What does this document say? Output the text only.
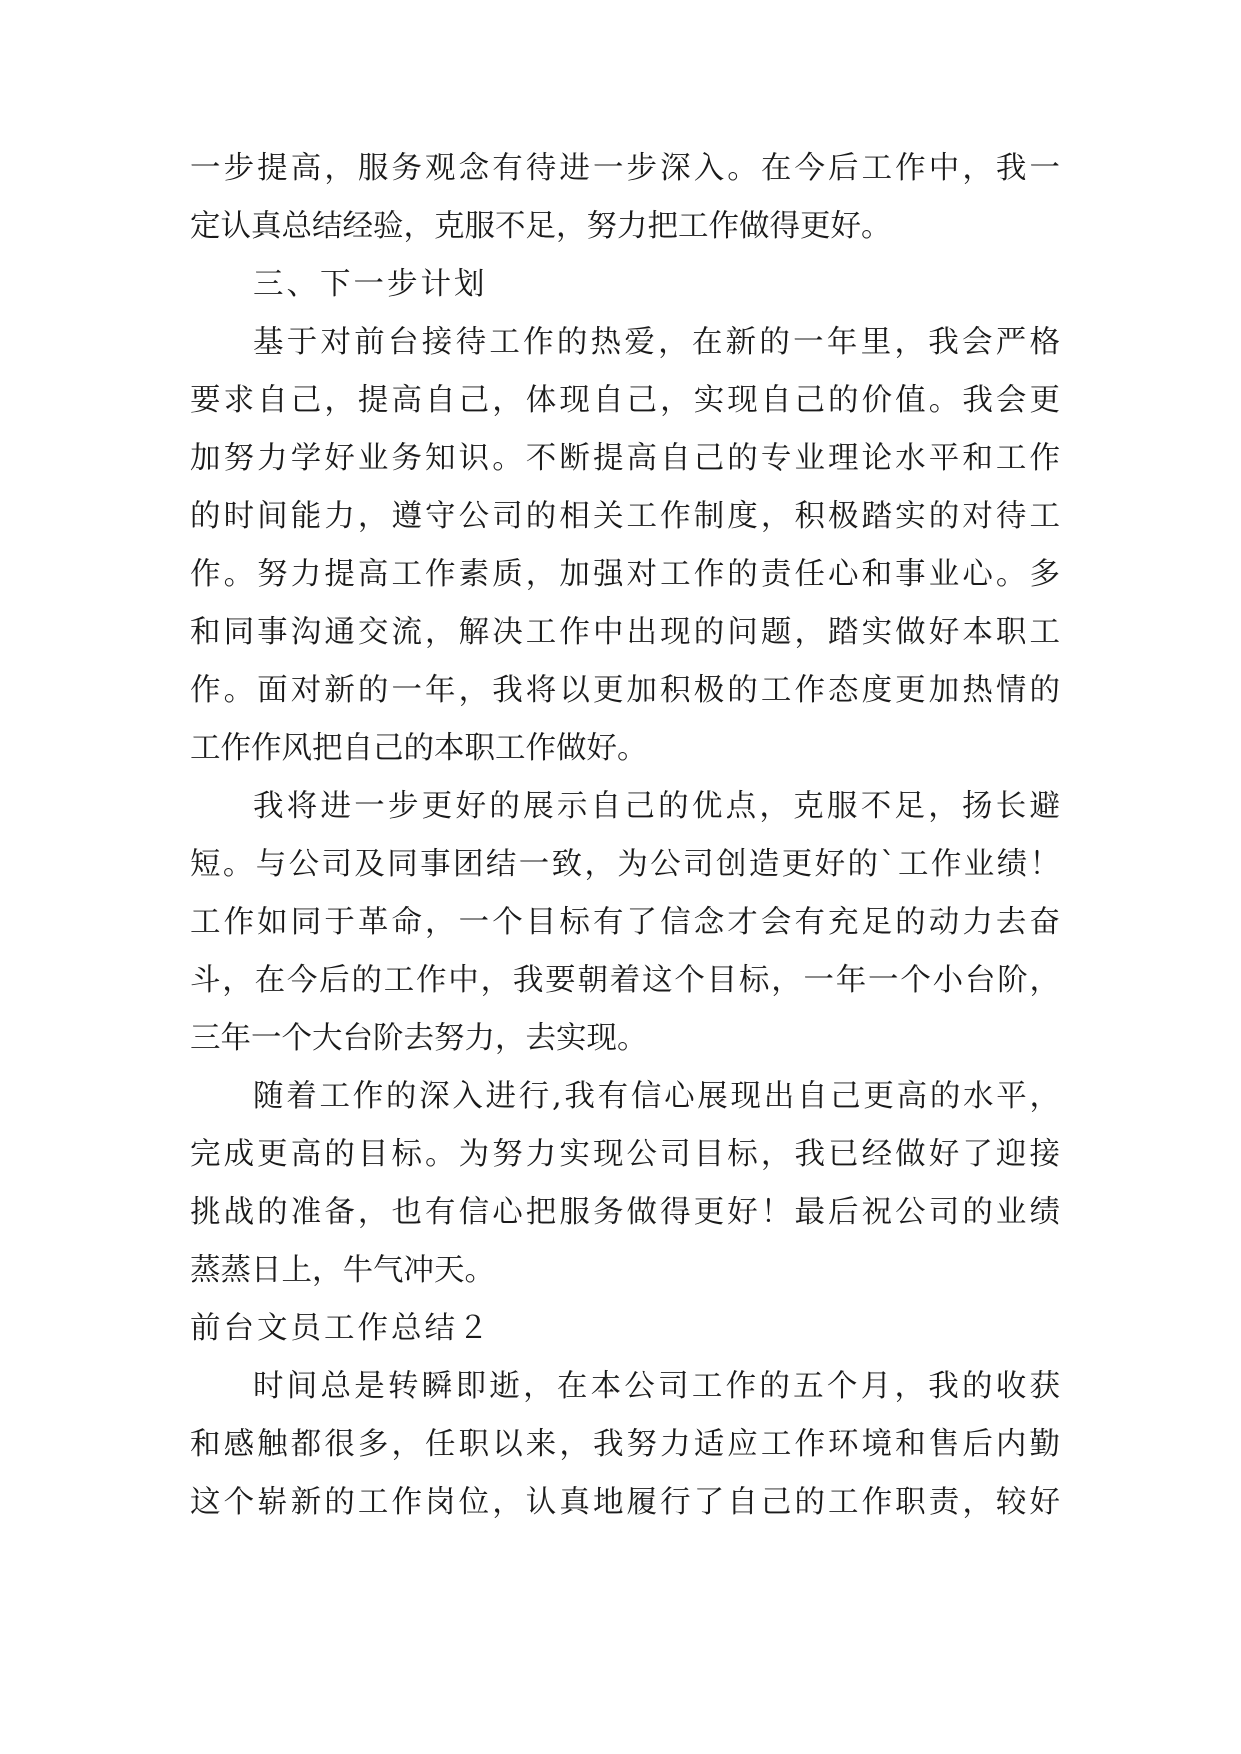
一步提高，服务观念有待进一步深入。在今后工作中，我一
定认真总结经验，克服不足，努力把工作做得更好。
三、下一步计划
基于对前台接待工作的热爱，在新的一年里，我会严格
要求自己，提高自己，体现自己，实现自己的价值。我会更
加努力学好业务知识。不断提高自己的专业理论水平和工作
的时间能力，遵守公司的相关工作制度，积极踏实的对待工
作。努力提高工作素质，加强对工作的责任心和事业心。多
和同事沟通交流，解决工作中出现的问题，踏实做好本职工
作。面对新的一年，我将以更加积极的工作态度更加热情的
工作作风把自己的本职工作做好。
我将进一步更好的展示自己的优点，克服不足，扬长避
短。与公司及同事团结一致，为公司创造更好的`工作业绩！
工作如同于革命，一个目标有了信念才会有充足的动力去奋
斗，在今后的工作中，我要朝着这个目标，一年一个小台阶，
三年一个大台阶去努力，去实现。
随着工作的深入进行,我有信心展现出自己更高的水平，
完成更高的目标。为努力实现公司目标，我已经做好了迎接
挑战的准备，也有信心把服务做得更好！最后祝公司的业绩
蒸蒸日上，牛气冲天。
前台文员工作总结２
时间总是转瞬即逝，在本公司工作的五个月，我的收获
和感触都很多，任职以来，我努力适应工作环境和售后内勤
这个崭新的工作岗位，认真地履行了自己的工作职责，较好
